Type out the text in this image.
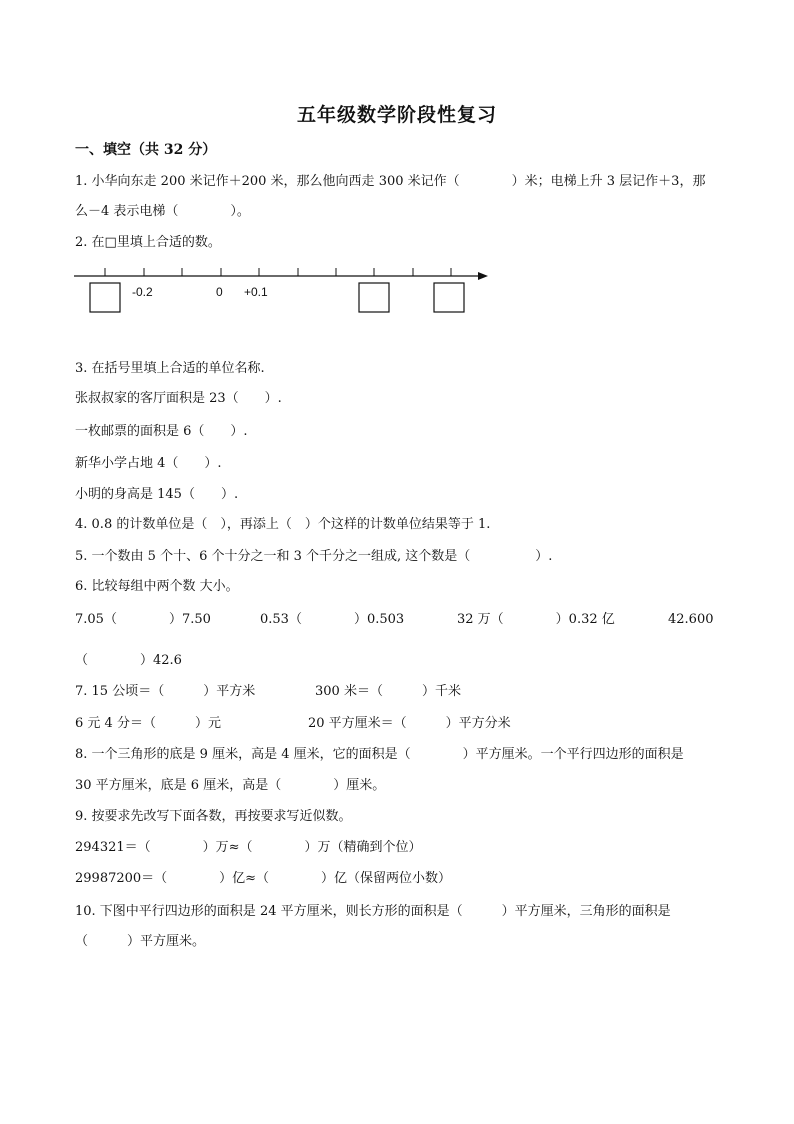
五年级数学阶段性复习
一、填空（共 32 分）
1. 小华向东走 200 米记作＋200 米，那么他向西走 300 米记作（　　　　）米；电梯上升 3 层记作＋3，那
么－4 表示电梯（　　　　）。
2. 在□里填上合适的数。
-0.2	0 +0.1
3. 在括号里填上合适的单位名称.
张叔叔家的客厅面积是 23（　　）.
一枚邮票的面积是 6（　　）.
新华小学占地 4（　　）.
小明的身高是 145（　　）.
4. 0.8 的计数单位是（　），再添上（　）个这样的计数单位结果等于 1.
5. 一个数由 5 个十、6 个十分之一和 3 个千分之一组成, 这个数是（　　　　　）.
6. 比较每组中两个数 大小。
7.05（　　　　）7.50	0.53（　　　　）0.503	32 万（　　　　）0.32 亿	42.600
（　　　　）42.6
7. 15 公顷＝（　　　）平方米	300 米＝（　　　）千米
6 元 4 分＝（　　　）元	20 平方厘米＝（　　　）平方分米
8. 一个三角形的底是 9 厘米，高是 4 厘米，它的面积是（　　　　）平方厘米。一个平行四边形的面积是
30 平方厘米，底是 6 厘米，高是（　　　　）厘米。
9. 按要求先改写下面各数，再按要求写近似数。
294321＝（　　　　）万≈（　　　　）万（精确到个位）
29987200＝（　　　　）亿≈（　　　　）亿（保留两位小数）
10. 下图中平行四边形的面积是 24 平方厘米，则长方形的面积是（　　　）平方厘米，三角形的面积是
（　　　）平方厘米。
